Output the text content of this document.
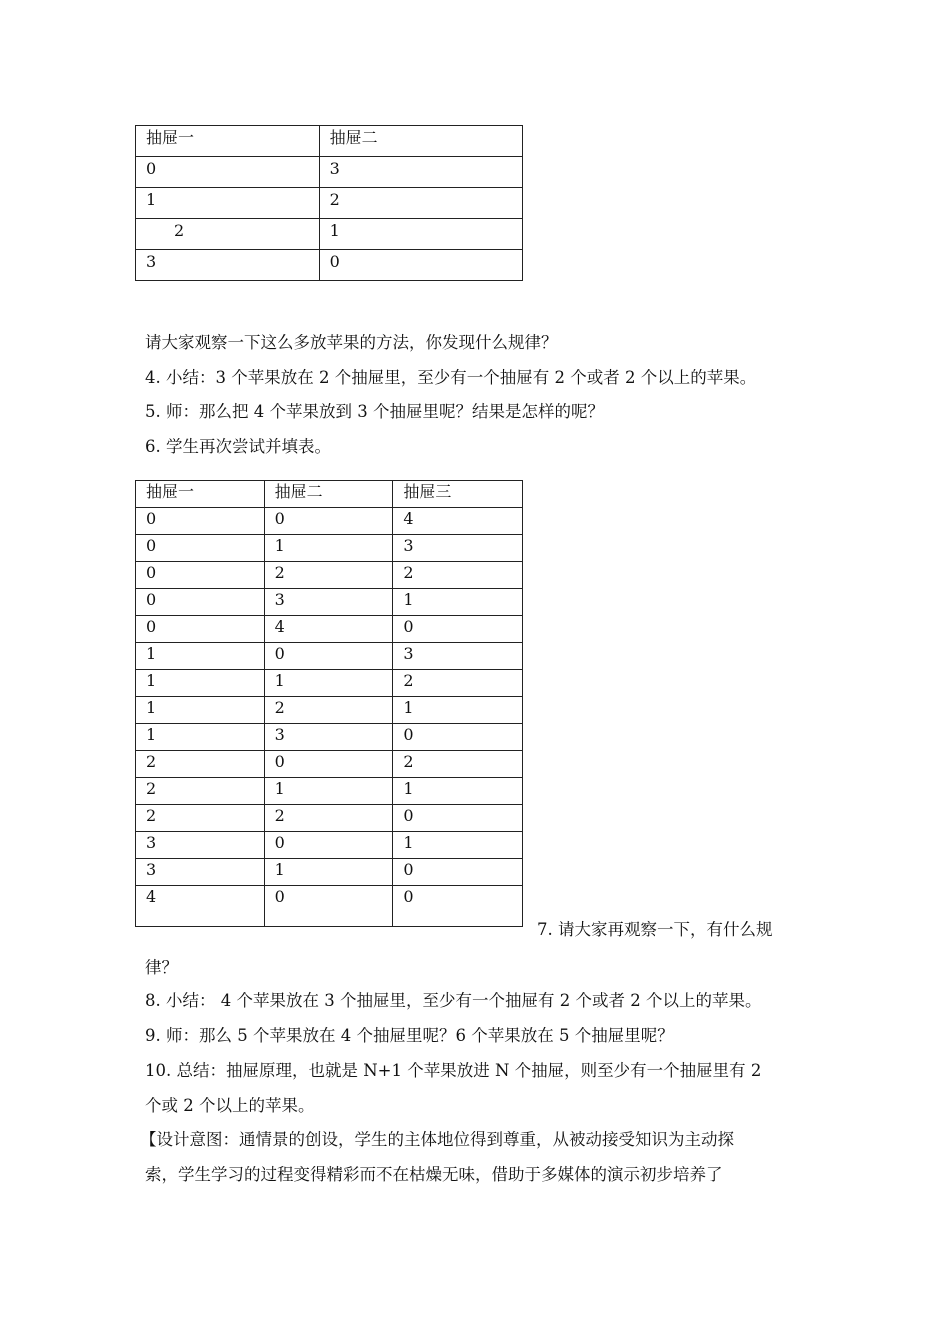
抽屉一	抽屉二
0	3
1	2
2	1
3	0
请大家观察一下这么多放苹果的方法，你发现什么规律？
4. 小结：3 个苹果放在 2 个抽屉里，至少有一个抽屉有 2 个或者 2 个以上的苹果。
5. 师：那么把 4 个苹果放到 3 个抽屉里呢？结果是怎样的呢？
6. 学生再次尝试并填表。
抽屉一	抽屉二	抽屉三
0	0	4
0	1	3
0	2	2
0	3	1
0	4	0
1	0	3
1	1	2
1	2	1
1	3	0
2	0	2
2	1	1
2	2	0
3	0	1
3	1	0
4	0	0
7. 请大家再观察一下，有什么规
律？
8. 小结： 4 个苹果放在 3 个抽屉里，至少有一个抽屉有 2 个或者 2 个以上的苹果。
9. 师：那么 5 个苹果放在 4 个抽屉里呢？6 个苹果放在 5 个抽屉里呢？
10. 总结：抽屉原理，也就是 N+1 个苹果放进 N 个抽屉，则至少有一个抽屉里有 2
个或 2 个以上的苹果。
【设计意图：通情景的创设，学生的主体地位得到尊重，从被动接受知识为主动探
索，学生学习的过程变得精彩而不在枯燥无味，借助于多媒体的演示初步培养了
